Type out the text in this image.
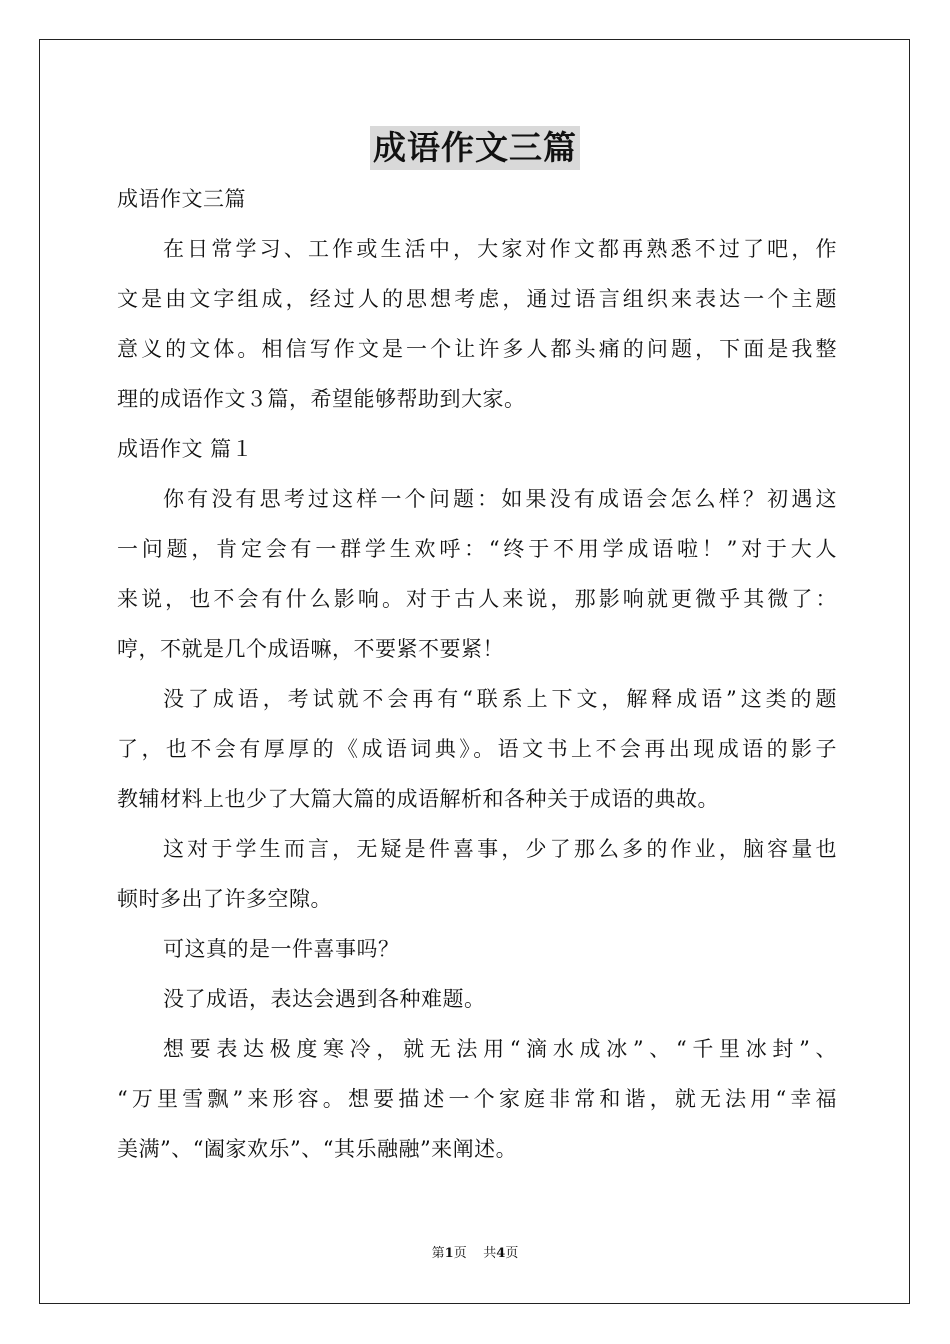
成语作文三篇
成语作文三篇
在日常学习、工作或生活中，大家对作文都再熟悉不过了吧，作
文是由文字组成，经过人的思想考虑，通过语言组织来表达一个主题
意义的文体。相信写作文是一个让许多人都头痛的问题，下面是我整
理的成语作文３篇，希望能够帮助到大家。
成语作文 篇１
你有没有思考过这样一个问题：如果没有成语会怎么样？初遇这
一问题，肯定会有一群学生欢呼：“终于不用学成语啦！”对于大人
来说，也不会有什么影响。对于古人来说，那影响就更微乎其微了：
哼，不就是几个成语嘛，不要紧不要紧！
没了成语，考试就不会再有“联系上下文，解释成语”这类的题
了，也不会有厚厚的《成语词典》。语文书上不会再出现成语的影子
教辅材料上也少了大篇大篇的成语解析和各种关于成语的典故。
这对于学生而言，无疑是件喜事，少了那么多的作业，脑容量也
顿时多出了许多空隙。
可这真的是一件喜事吗？
没了成语，表达会遇到各种难题。
想要表达极度寒冷，就无法用“滴水成冰”、“千里冰封”、
“万里雪飘”来形容。想要描述一个家庭非常和谐，就无法用“幸福
美满”、“阖家欢乐”、“其乐融融”来阐述。
第1页 共4页
